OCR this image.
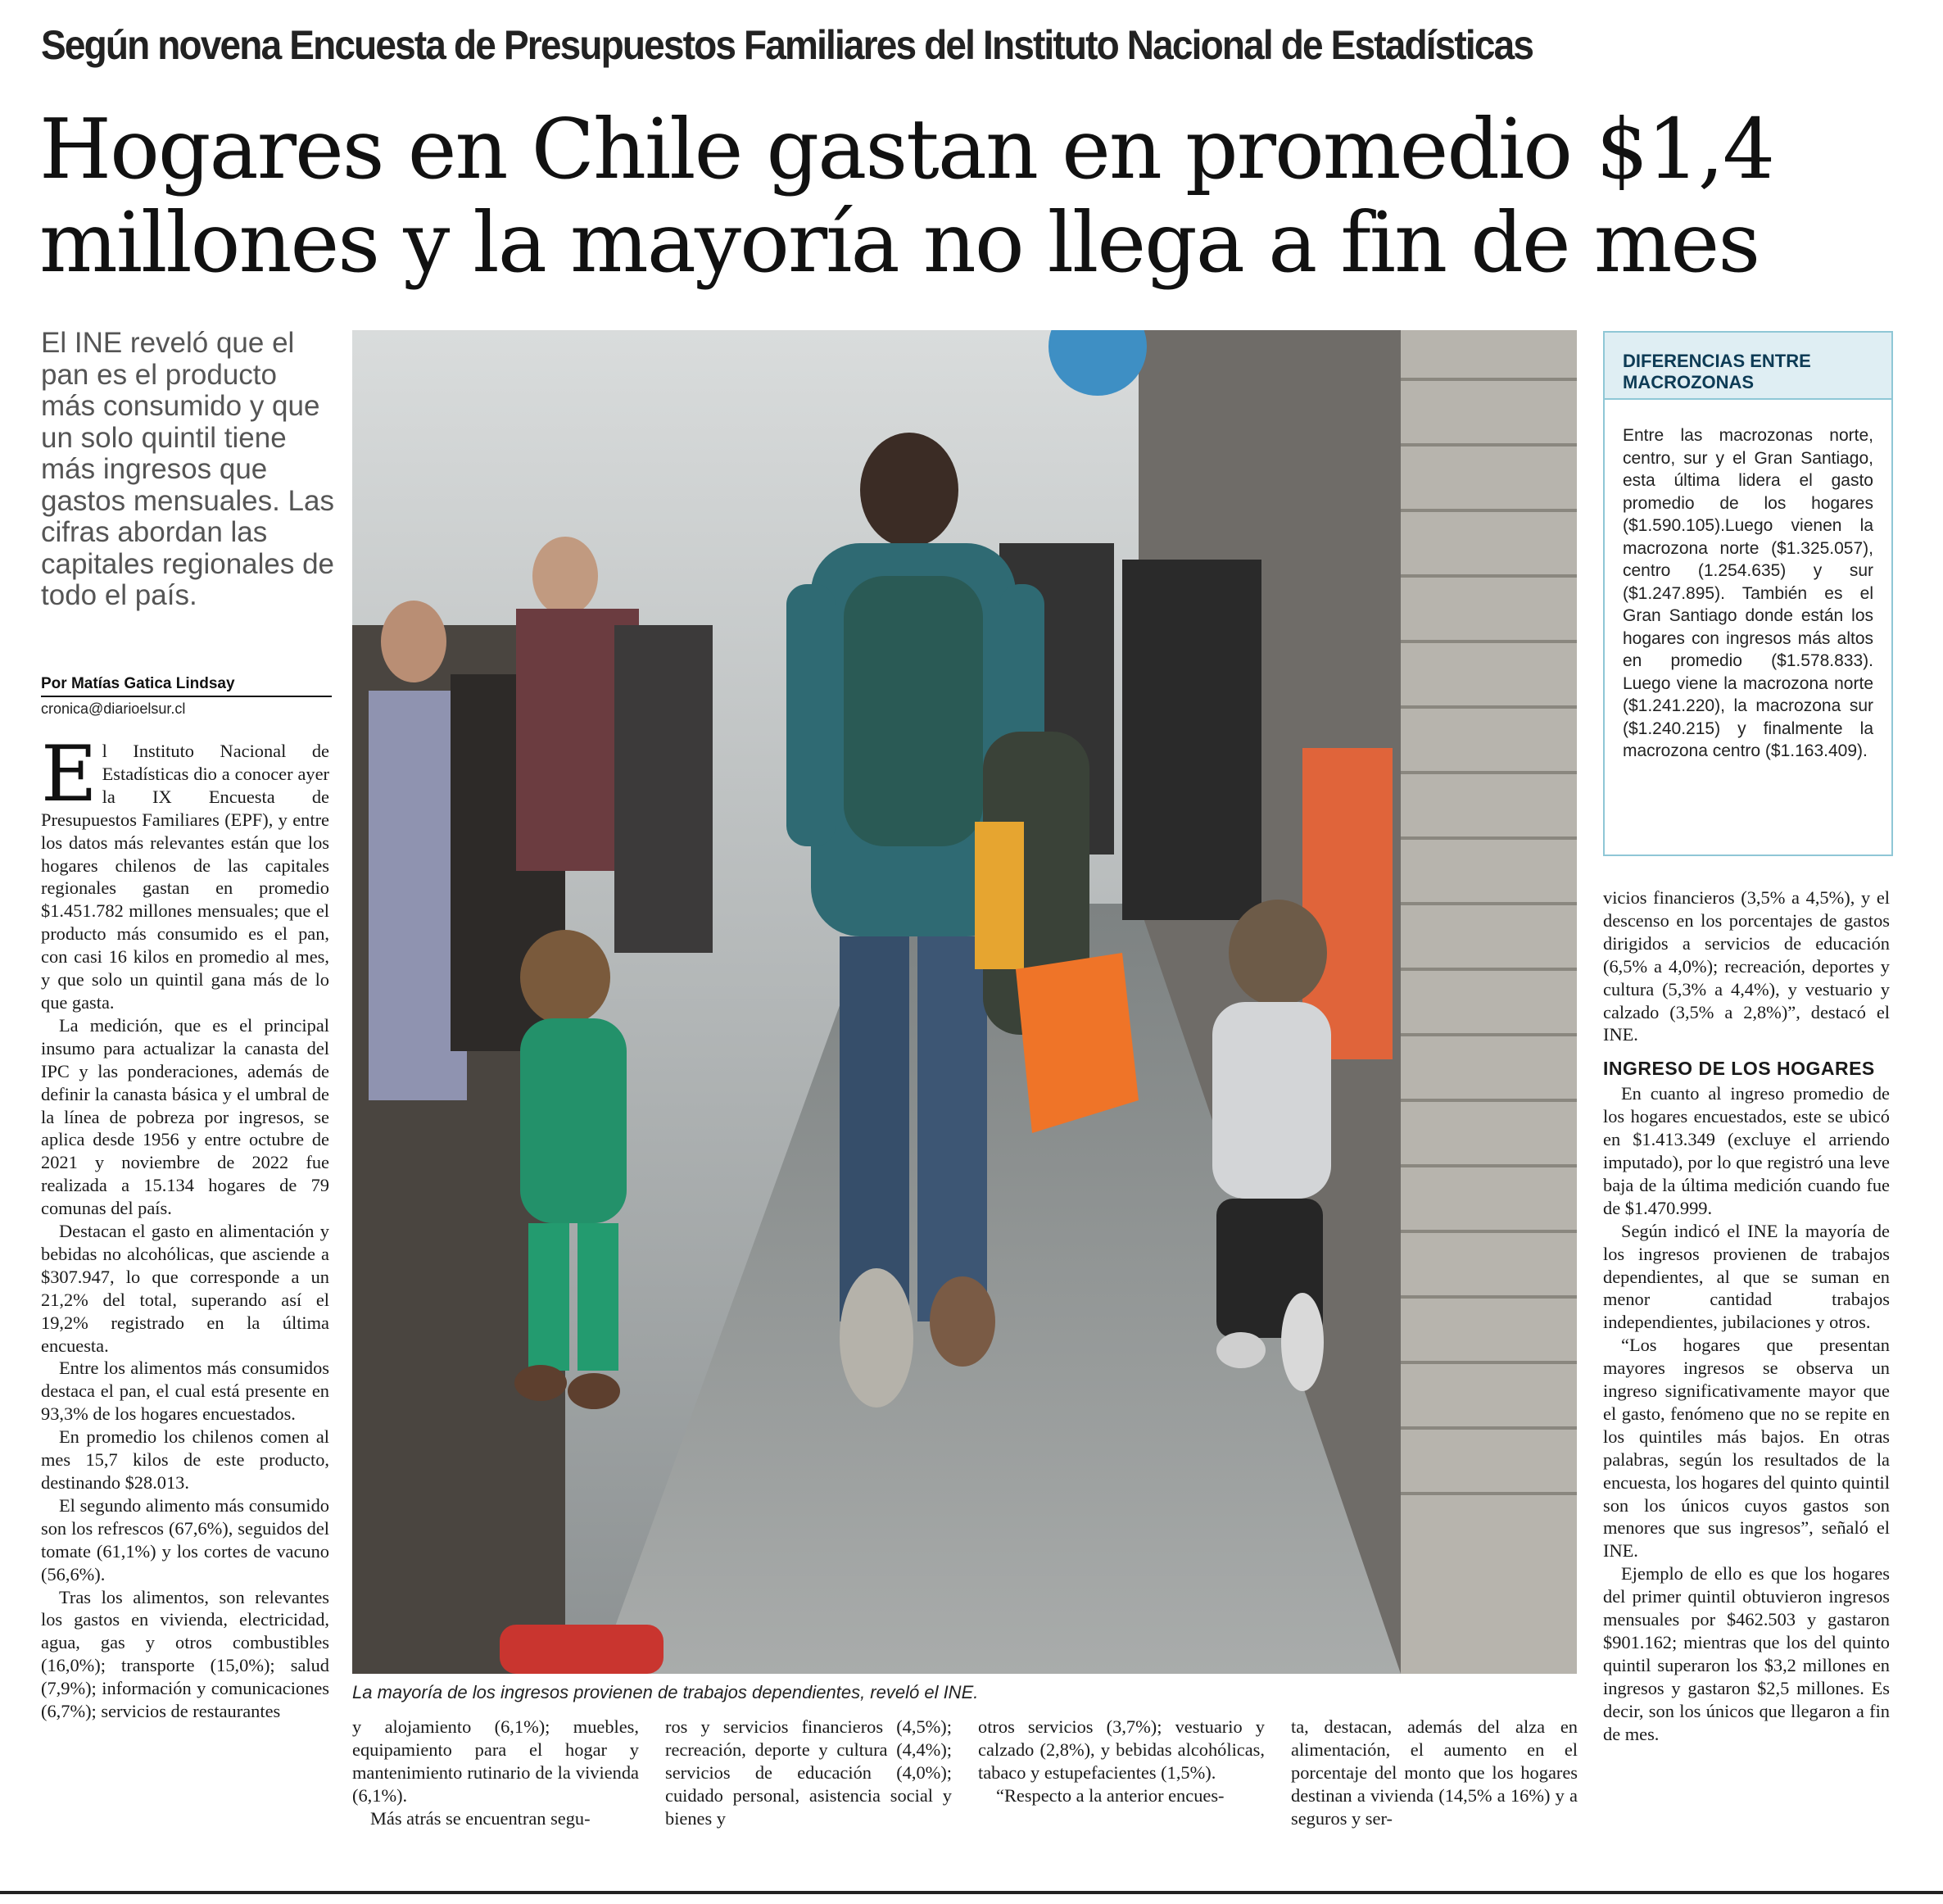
Según novena Encuesta de Presupuestos Familiares del Instituto Nacional de Estadísticas
Hogares en Chile gastan en promedio $1,4 millones y la mayoría no llega a fin de mes
El INE reveló que el pan es el producto más consumido y que un solo quintil tiene más ingresos que gastos mensuales. Las cifras abordan las capitales regionales de todo el país.
Por Matías Gatica Lindsay
cronica@diarioelsur.cl

El Instituto Nacional de Estadísticas dio a conocer ayer la IX Encuesta de Presupuestos Familiares (EPF), y entre los datos más relevantes están que los hogares chilenos de las capitales regionales gastan en promedio $1.451.782 millones mensuales; que el producto más consumido es el pan, con casi 16 kilos en promedio al mes, y que solo un quintil gana más de lo que gasta.

La medición, que es el principal insumo para actualizar la canasta del IPC y las ponderaciones, además de definir la canasta básica y el umbral de la línea de pobreza por ingresos, se aplica desde 1956 y entre octubre de 2021 y noviembre de 2022 fue realizada a 15.134 hogares de 79 comunas del país.

Destacan el gasto en alimentación y bebidas no alcohólicas, que asciende a $307.947, lo que corresponde a un 21,2% del total, superando así el 19,2% registrado en la última encuesta.

Entre los alimentos más consumidos destaca el pan, el cual está presente en 93,3% de los hogares encuestados.

En promedio los chilenos comen al mes 15,7 kilos de este producto, destinando $28.013.

El segundo alimento más consumido son los refrescos (67,6%), seguidos del tomate (61,1%) y los cortes de vacuno (56,6%).

Tras los alimentos, son relevantes los gastos en vivienda, electricidad, agua, gas y otros combustibles (16,0%); transporte (15,0%); salud (7,9%); información y comunicaciones (6,7%); servicios de restaurantes

La mayoría de los ingresos provienen de trabajos dependientes, reveló el INE.
DIFERENCIAS ENTRE MACROZONAS
Entre las macrozonas norte, centro, sur y el Gran Santiago, esta última lidera el gasto promedio de los hogares ($1.590.105).Luego vienen la macrozona norte ($1.325.057), centro (1.254.635) y sur ($1.247.895). También es el Gran Santiago donde están los hogares con ingresos más altos en promedio ($1.578.833). Luego viene la macrozona norte ($1.241.220), la macrozona sur ($1.240.215) y finalmente la macrozona centro ($1.163.409).

vicios financieros (3,5% a 4,5%), y el descenso en los porcentajes de gastos dirigidos a servicios de educación (6,5% a 4,0%); recreación, deportes y cultura (5,3% a 4,4%), y vestuario y calzado (3,5% a 2,8%)”, destacó el INE.

INGRESO DE LOS HOGARES

En cuanto al ingreso promedio de los hogares encuestados, este se ubicó en $1.413.349 (excluye el arriendo imputado), por lo que registró una leve baja de la última medición cuando fue de $1.470.999.

Según indicó el INE la mayoría de los ingresos provienen de trabajos dependientes, al que se suman en menor cantidad trabajos independientes, jubilaciones y otros.

“Los hogares que presentan mayores ingresos se observa un ingreso significativamente mayor que el gasto, fenómeno que no se repite en los quintiles más bajos. En otras palabras, según los resultados de la encuesta, los hogares del quinto quintil son los únicos cuyos gastos son menores que sus ingresos”, señaló el INE.

Ejemplo de ello es que los hogares del primer quintil obtuvieron ingresos mensuales por $462.503 y gastaron $901.162; mientras que los del quinto quintil superaron los $3,2 millones en ingresos y gastaron $2,5 millones. Es decir, son los únicos que llegaron a fin de mes.

y alojamiento (6,1%); muebles, equipamiento para el hogar y mantenimiento rutinario de la vivienda (6,1%).

Más atrás se encuentran segu-

ros y servicios financieros (4,5%); recreación, deporte y cultura (4,4%); servicios de educación (4,0%); cuidado personal, asistencia social y bienes y

otros servicios (3,7%); vestuario y calzado (2,8%), y bebidas alcohólicas, tabaco y estupefacientes (1,5%).

“Respecto a la anterior encues-

ta, destacan, además del alza en alimentación, el aumento en el porcentaje del monto que los hogares destinan a vivienda (14,5% a 16%) y a seguros y ser-
